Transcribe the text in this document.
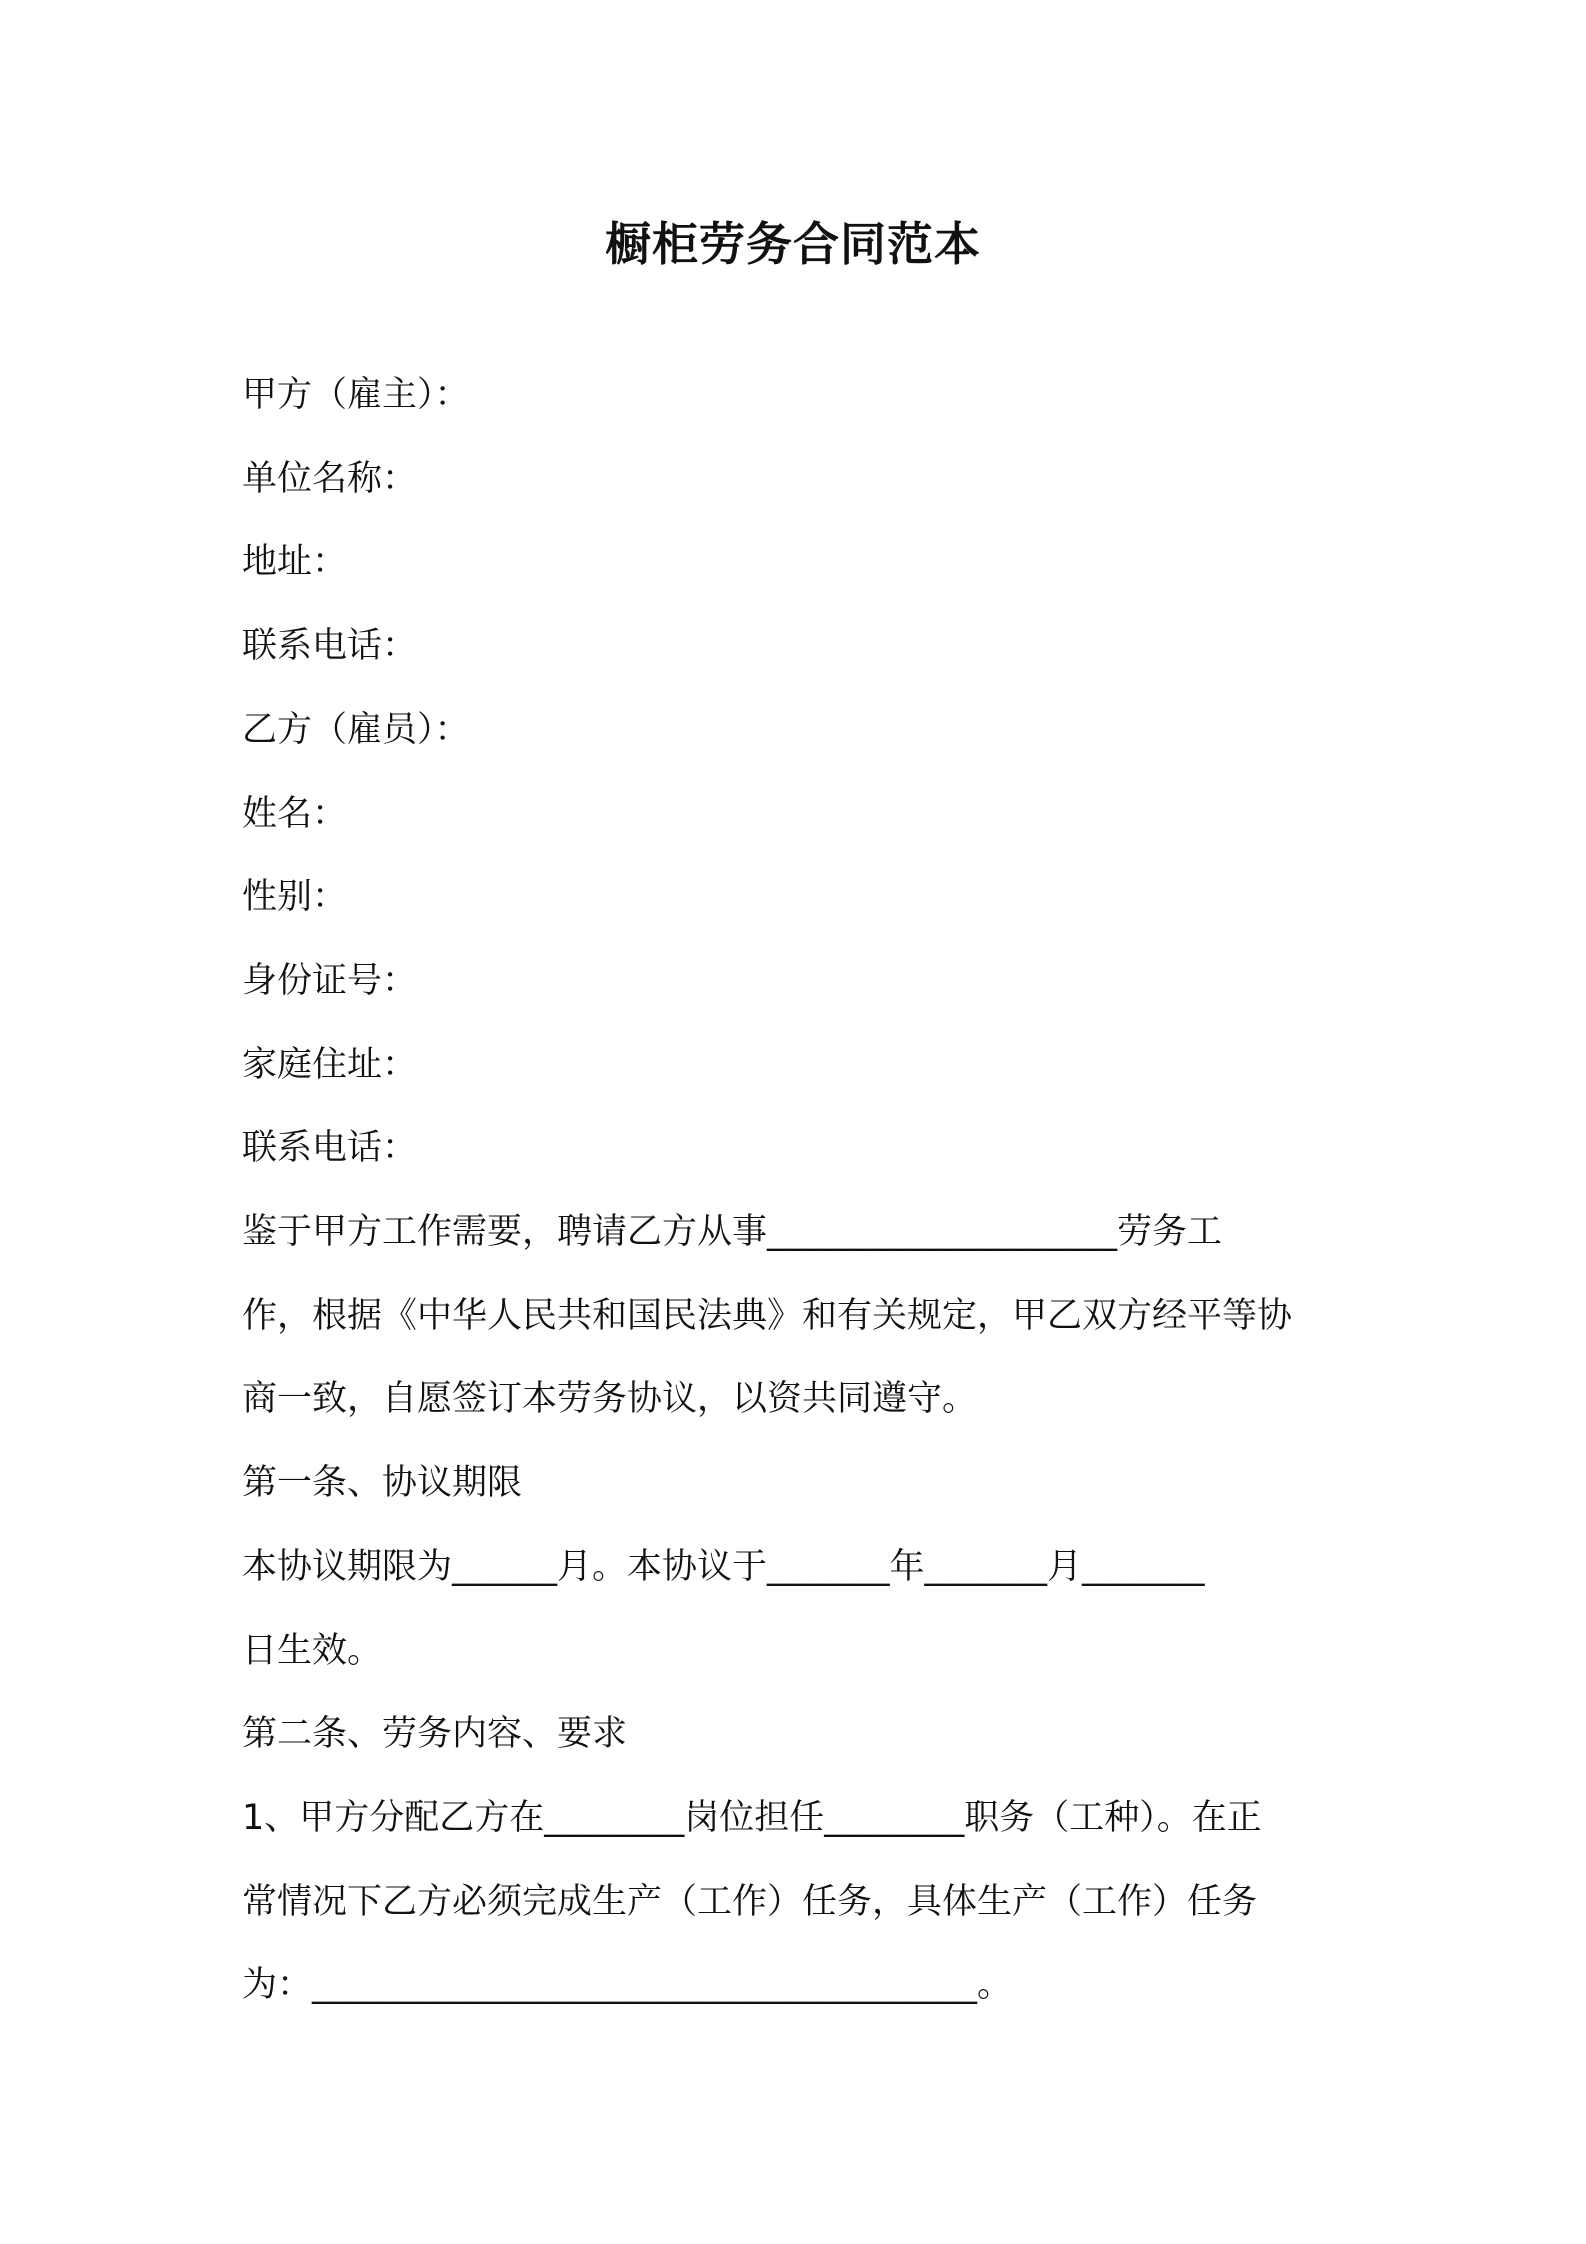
橱柜劳务合同范本
甲方（雇主）：
单位名称：
地址：
联系电话：
乙方（雇员）：
姓名：
性别：
身份证号：
家庭住址：
联系电话：
鉴于甲方工作需要，聘请乙方从事____________________劳务工
作，根据《中华人民共和国民法典》和有关规定，甲乙双方经平等协
商一致，自愿签订本劳务协议，以资共同遵守。
第一条、协议期限
本协议期限为______月。本协议于_______年_______月_______
日生效。
第二条、劳务内容、要求
1、甲方分配乙方在________岗位担任________职务（工种）。在正
常情况下乙方必须完成生产（工作）任务，具体生产（工作）任务
为：______________________________________。
